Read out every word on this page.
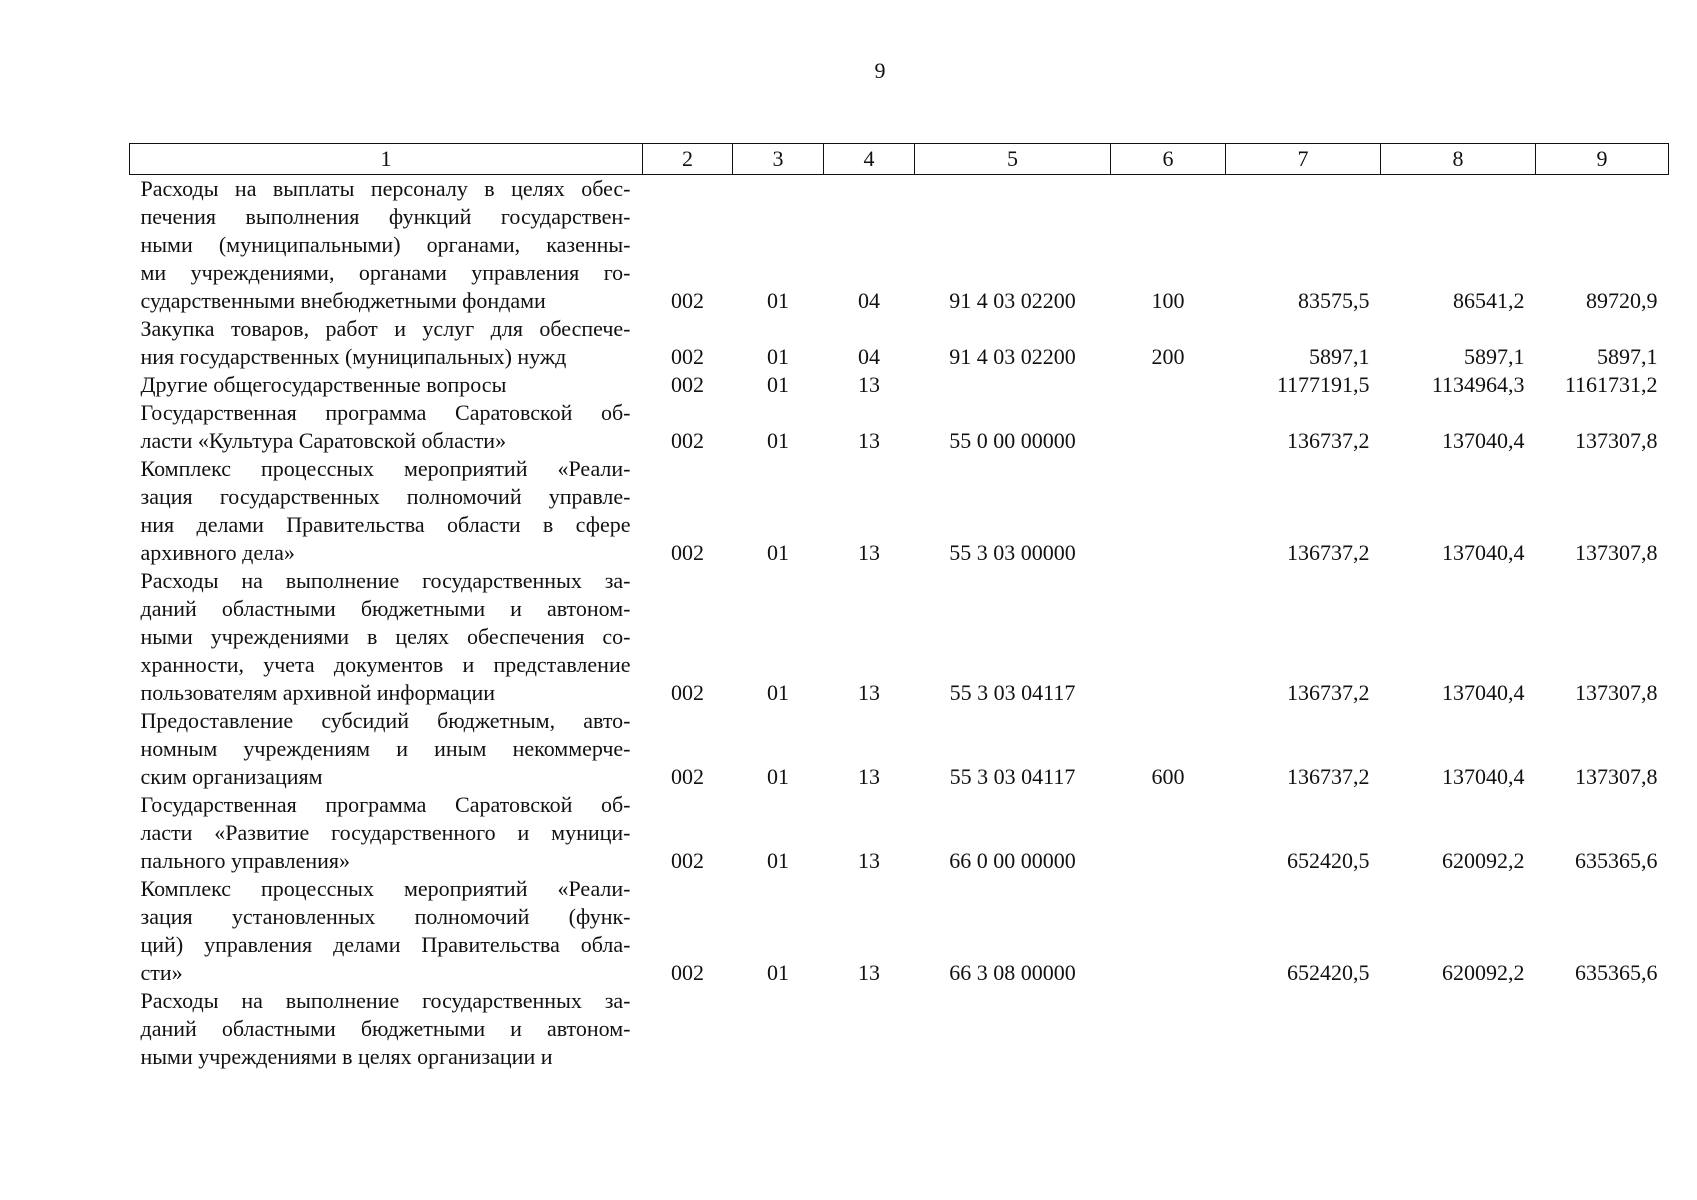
9
1	2	3	4	5	6	7	8	9

Расходы на выплаты персоналу в целях обес-
печения выполнения функций государствен-
ными (муниципальными) органами, казенны-
ми учреждениями, органами управления го-
сударственными внебюджетными фондами	002	01	04	91 4 03 02200	100	83575,5	86541,2	89720,9

Закупка товаров, работ и услуг для обеспече-
ния государственных (муниципальных) нужд	002	01	04	91 4 03 02200	200	5897,1	5897,1	5897,1

Другие общегосударственные вопросы	002	01	13			1177191,5	1134964,3	1161731,2

Государственная программа Саратовской об-
ласти «Культура Саратовской области»	002	01	13	55 0 00 00000		136737,2	137040,4	137307,8

Комплекс процессных мероприятий «Реали-
зация государственных полномочий управле-
ния делами Правительства области в сфере
архивного дела»	002	01	13	55 3 03 00000		136737,2	137040,4	137307,8

Расходы на выполнение государственных за-
даний областными бюджетными и автоном-
ными учреждениями в целях обеспечения со-
хранности, учета документов и представление
пользователям архивной информации	002	01	13	55 3 03 04117		136737,2	137040,4	137307,8

Предоставление субсидий бюджетным, авто-
номным учреждениям и иным некоммерче-
ским организациям	002	01	13	55 3 03 04117	600	136737,2	137040,4	137307,8

Государственная программа Саратовской об-
ласти «Развитие государственного и муници-
пального управления»	002	01	13	66 0 00 00000		652420,5	620092,2	635365,6

Комплекс процессных мероприятий «Реали-
зация установленных полномочий (функ-
ций) управления делами Правительства обла-
сти»	002	01	13	66 3 08 00000		652420,5	620092,2	635365,6

Расходы на выполнение государственных за-
даний областными бюджетными и автоном-
ными учреждениями в целях организации и								
